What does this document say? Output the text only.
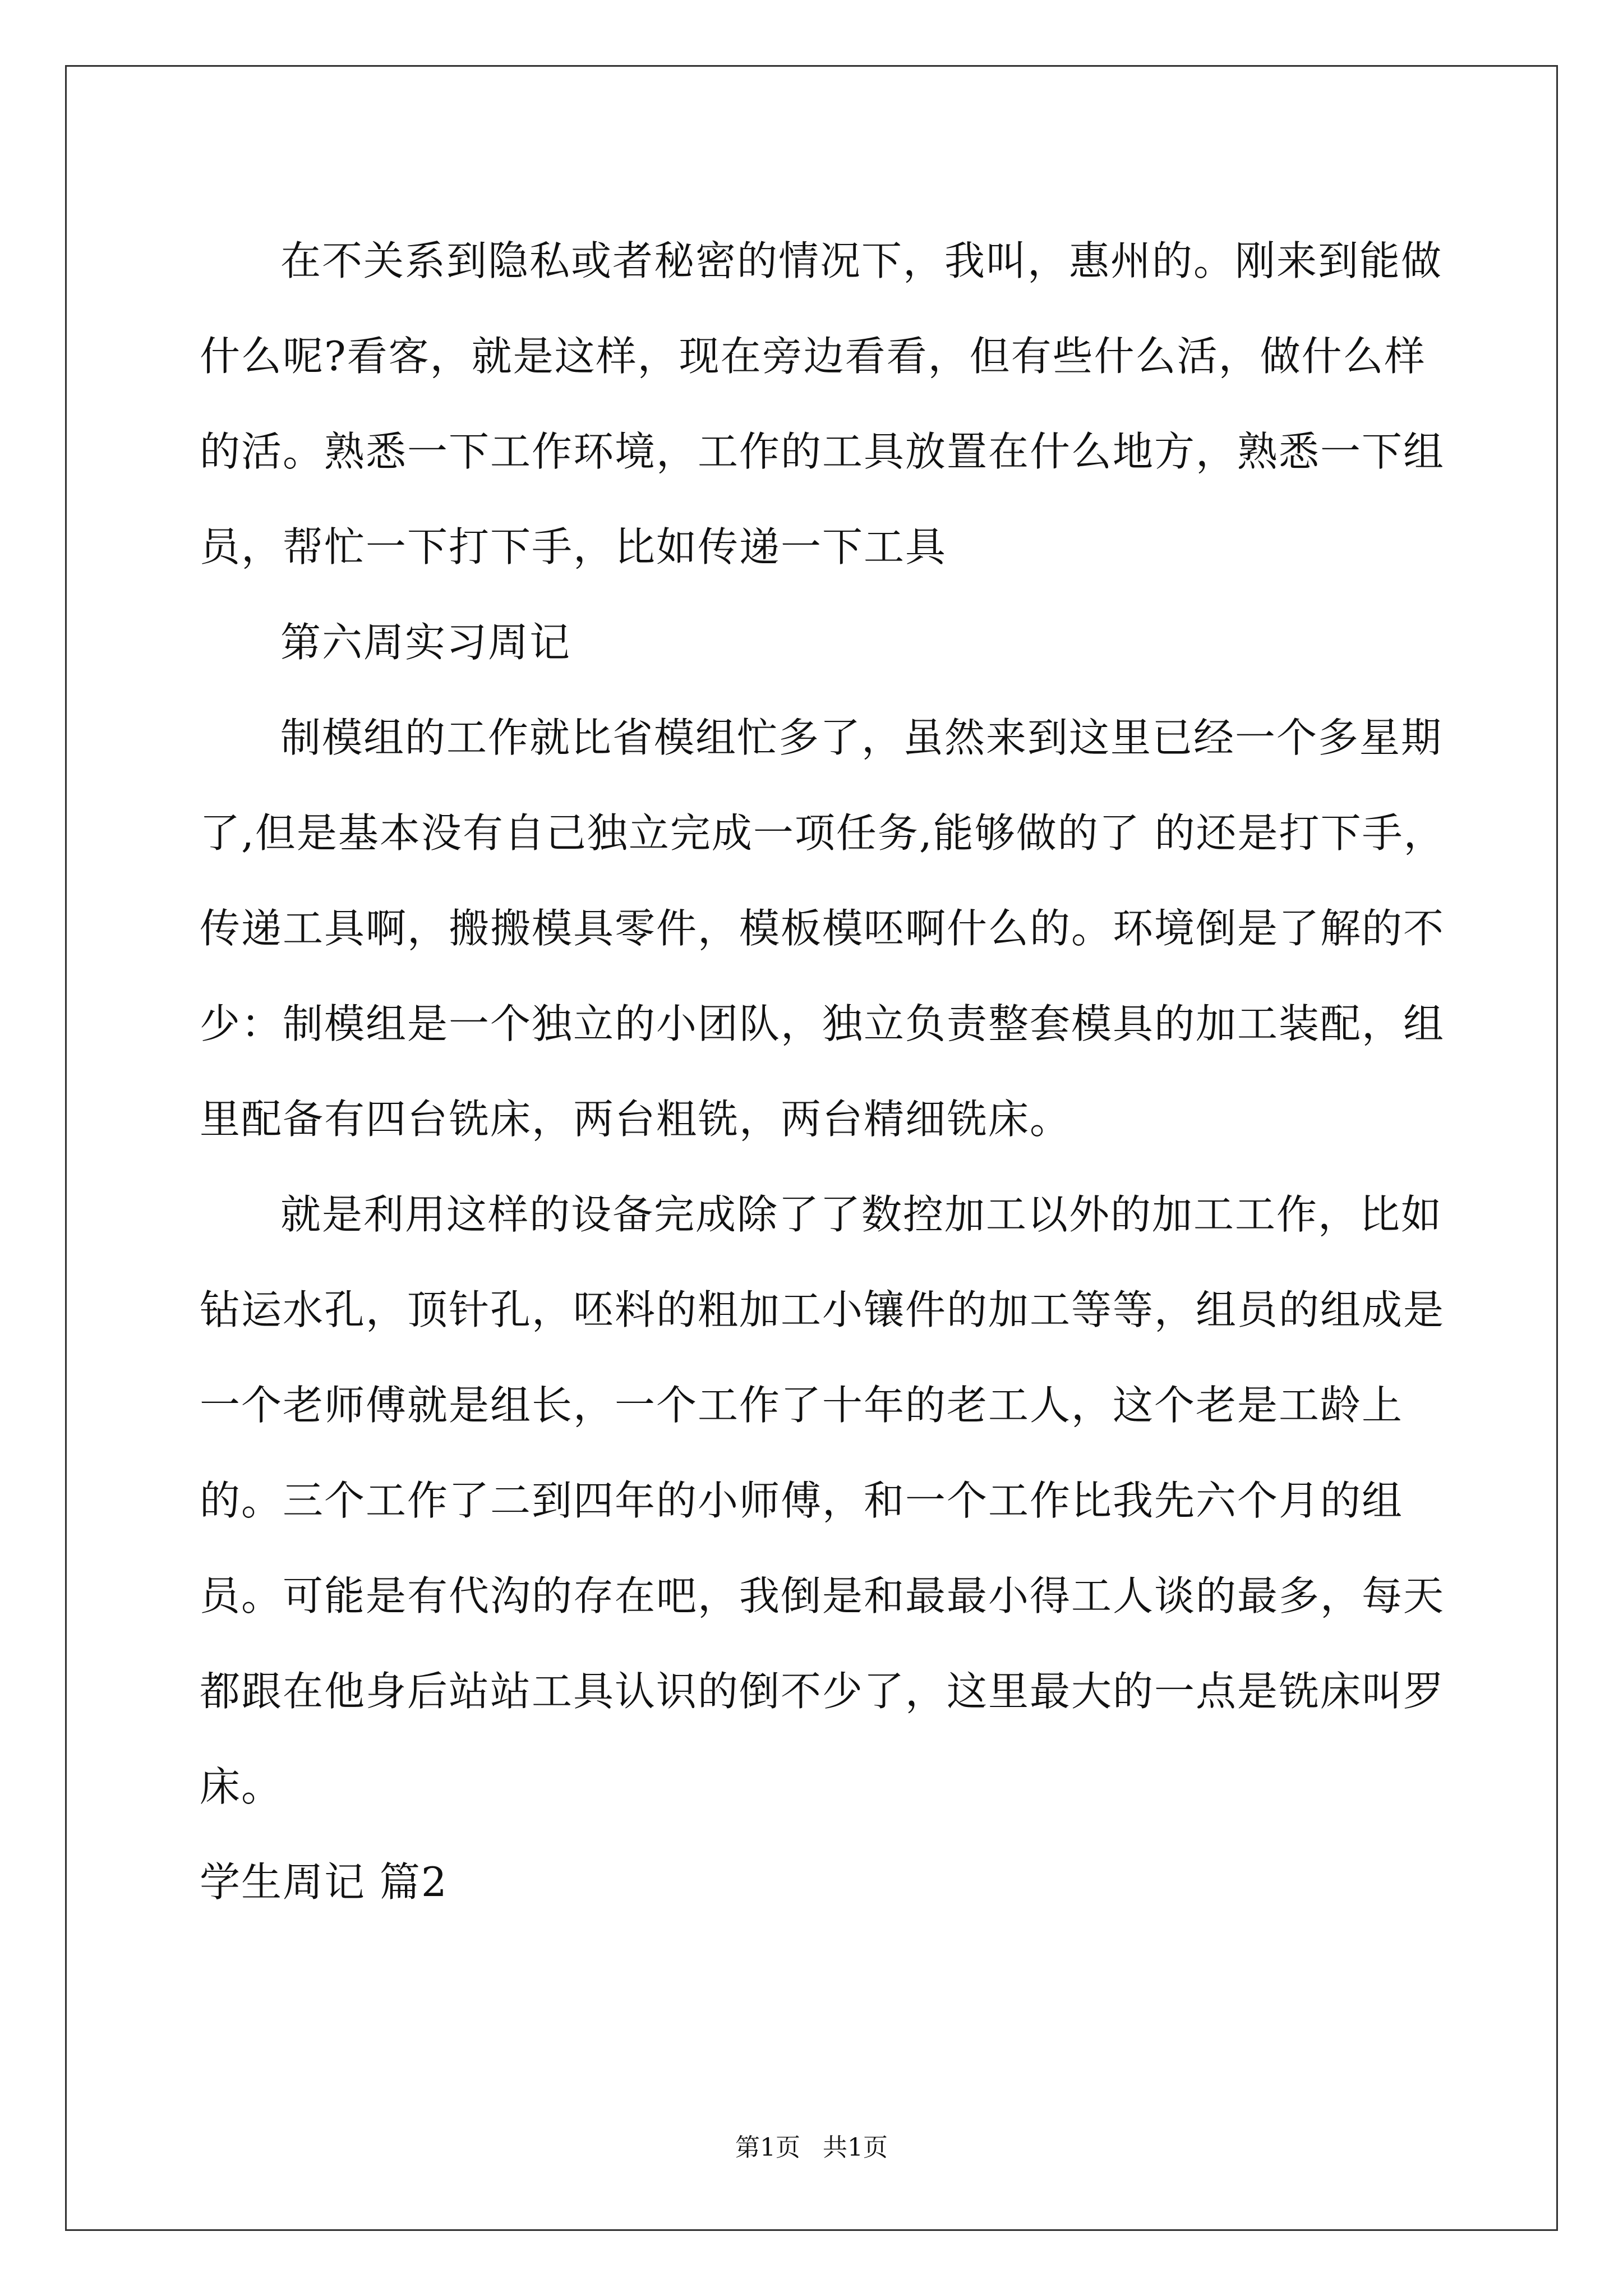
在不关系到隐私或者秘密的情况下，我叫，惠州的。刚来到能做什么呢?看客，就是这样，现在旁边看看，但有些什么活，做什么样的活。熟悉一下工作环境，工作的工具放置在什么地方，熟悉一下组员，帮忙一下打下手，比如传递一下工具

第六周实习周记

制模组的工作就比省模组忙多了，虽然来到这里已经一个多星期了,但是基本没有自己独立完成一项任务,能够做的了 的还是打下手，传递工具啊，搬搬模具零件，模板模呸啊什么的。环境倒是了解的不少：制模组是一个独立的小团队，独立负责整套模具的加工装配，组里配备有四台铣床，两台粗铣，两台精细铣床。

就是利用这样的设备完成除了了数控加工以外的加工工作，比如钻运水孔，顶针孔，呸料的粗加工小镶件的加工等等，组员的组成是一个老师傅就是组长，一个工作了十年的老工人，这个老是工龄上的。三个工作了二到四年的小师傅，和一个工作比我先六个月的组员。可能是有代沟的存在吧，我倒是和最最小得工人谈的最多，每天都跟在他身后站站工具认识的倒不少了，这里最大的一点是铣床叫罗床。

学生周记 篇2

第1页 共1页
